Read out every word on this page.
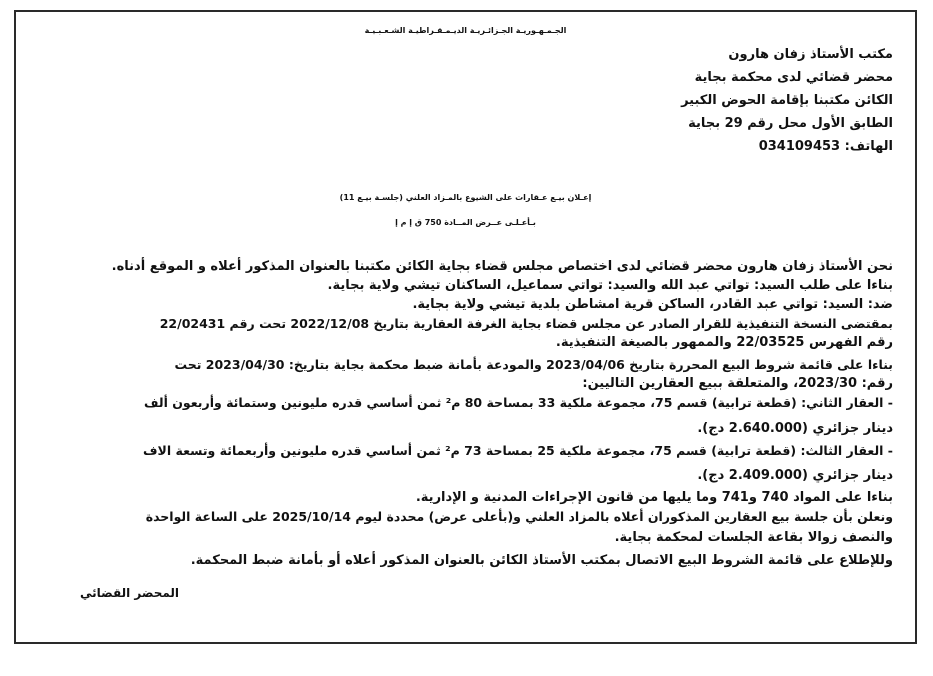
الجـمـهـوريـة الجـزائـريـة الديـمـقـراطيـة الشـعـبـيـة
مكتب الأستاذ زفان هارون
محضر قضائي لدى محكمة بجاية
الكائن مكتبنا بإقامة الحوض الكبير
الطابق الأول محل رقم 29 بجاية
الهاتف: 034109453
إعـلان بيـع عـقارات على الشيوع بالمـزاد العلني (جلسـة بيـع 11)
بـأعـلـى عــرض المــادة 750 ق إ م إ
نحن الأستاذ زفان هارون محضر قضائي لدى اختصاص مجلس قضاء بجاية الكائن مكتبنا بالعنوان المذكور أعلاه و الموقع أدناه.
بناءا على طلب السيد: تواتي عبد الله والسيد: تواتي سماعيل، الساكنان تيشي ولاية بجاية.
ضد: السيد: تواتي عبد القادر، الساكن قرية امشاطن بلدية تيشي ولاية بجاية.
بمقتضى النسخة التنفيذية للقرار الصادر عن مجلس قضاء بجاية الغرفة العقارية بتاريخ 2022/12/08 تحت رقم 22/02431
رقم الفهرس 22/03525 والممهور بالصيغة التنفيذية.
بناءا على قائمة شروط البيع المحررة بتاريخ 2023/04/06 والمودعة بأمانة ضبط محكمة بجاية بتاريخ: 2023/04/30 تحت
رقم: 2023/30، والمتعلقة ببيع العقارين التاليين:
- العقار الثاني: (قطعة ترابية) قسم 75، مجموعة ملكية 33 بمساحة 80 م² ثمن أساسي قدره مليونين وستمائة وأربعون ألف
دينار جزائري (2.640.000 دج).
- العقار الثالث: (قطعة ترابية) قسم 75، مجموعة ملكية 25 بمساحة 73 م² ثمن أساسي قدره مليونين وأربعمائة وتسعة الاف
دينار جزائري (2.409.000 دج).
بناءا على المواد 740 و741 وما يليها من قانون الإجراءات المدنية و الإدارية.
ونعلن بأن جلسة بيع العقارين المذكوران أعلاه بالمزاد العلني و(بأعلى عرض) محددة ليوم 2025/10/14 على الساعة الواحدة
والنصف زوالا بقاعة الجلسات لمحكمة بجاية.
وللإطلاع على قائمة الشروط البيع الاتصال بمكتب الأستاذ الكائن بالعنوان المذكور أعلاه أو بأمانة ضبط المحكمة.
المحضر القضائي
